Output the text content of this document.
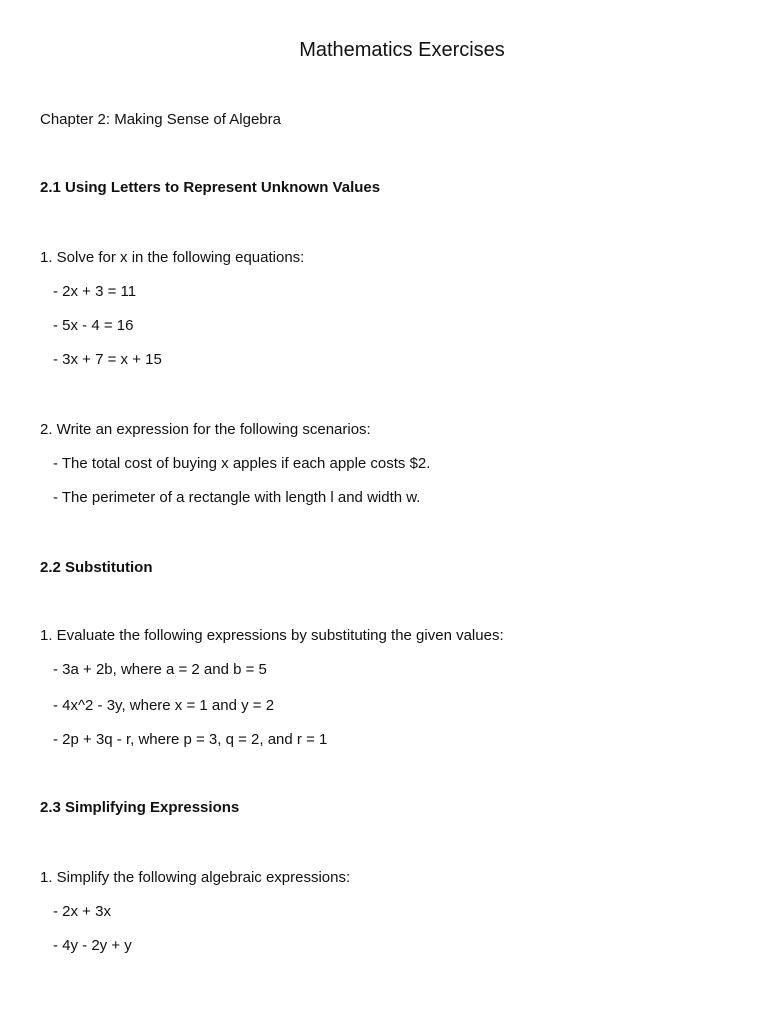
Mathematics Exercises
Chapter 2: Making Sense of Algebra
2.1 Using Letters to Represent Unknown Values
1. Solve for x in the following equations:
- 2x + 3 = 11
- 5x - 4 = 16
- 3x + 7 = x + 15
2. Write an expression for the following scenarios:
- The total cost of buying x apples if each apple costs $2.
- The perimeter of a rectangle with length l and width w.
2.2 Substitution
1. Evaluate the following expressions by substituting the given values:
- 3a + 2b, where a = 2 and b = 5
- 4x^2 - 3y, where x = 1 and y = 2
- 2p + 3q - r, where p = 3, q = 2, and r = 1
2.3 Simplifying Expressions
1. Simplify the following algebraic expressions:
- 2x + 3x
- 4y - 2y + y
